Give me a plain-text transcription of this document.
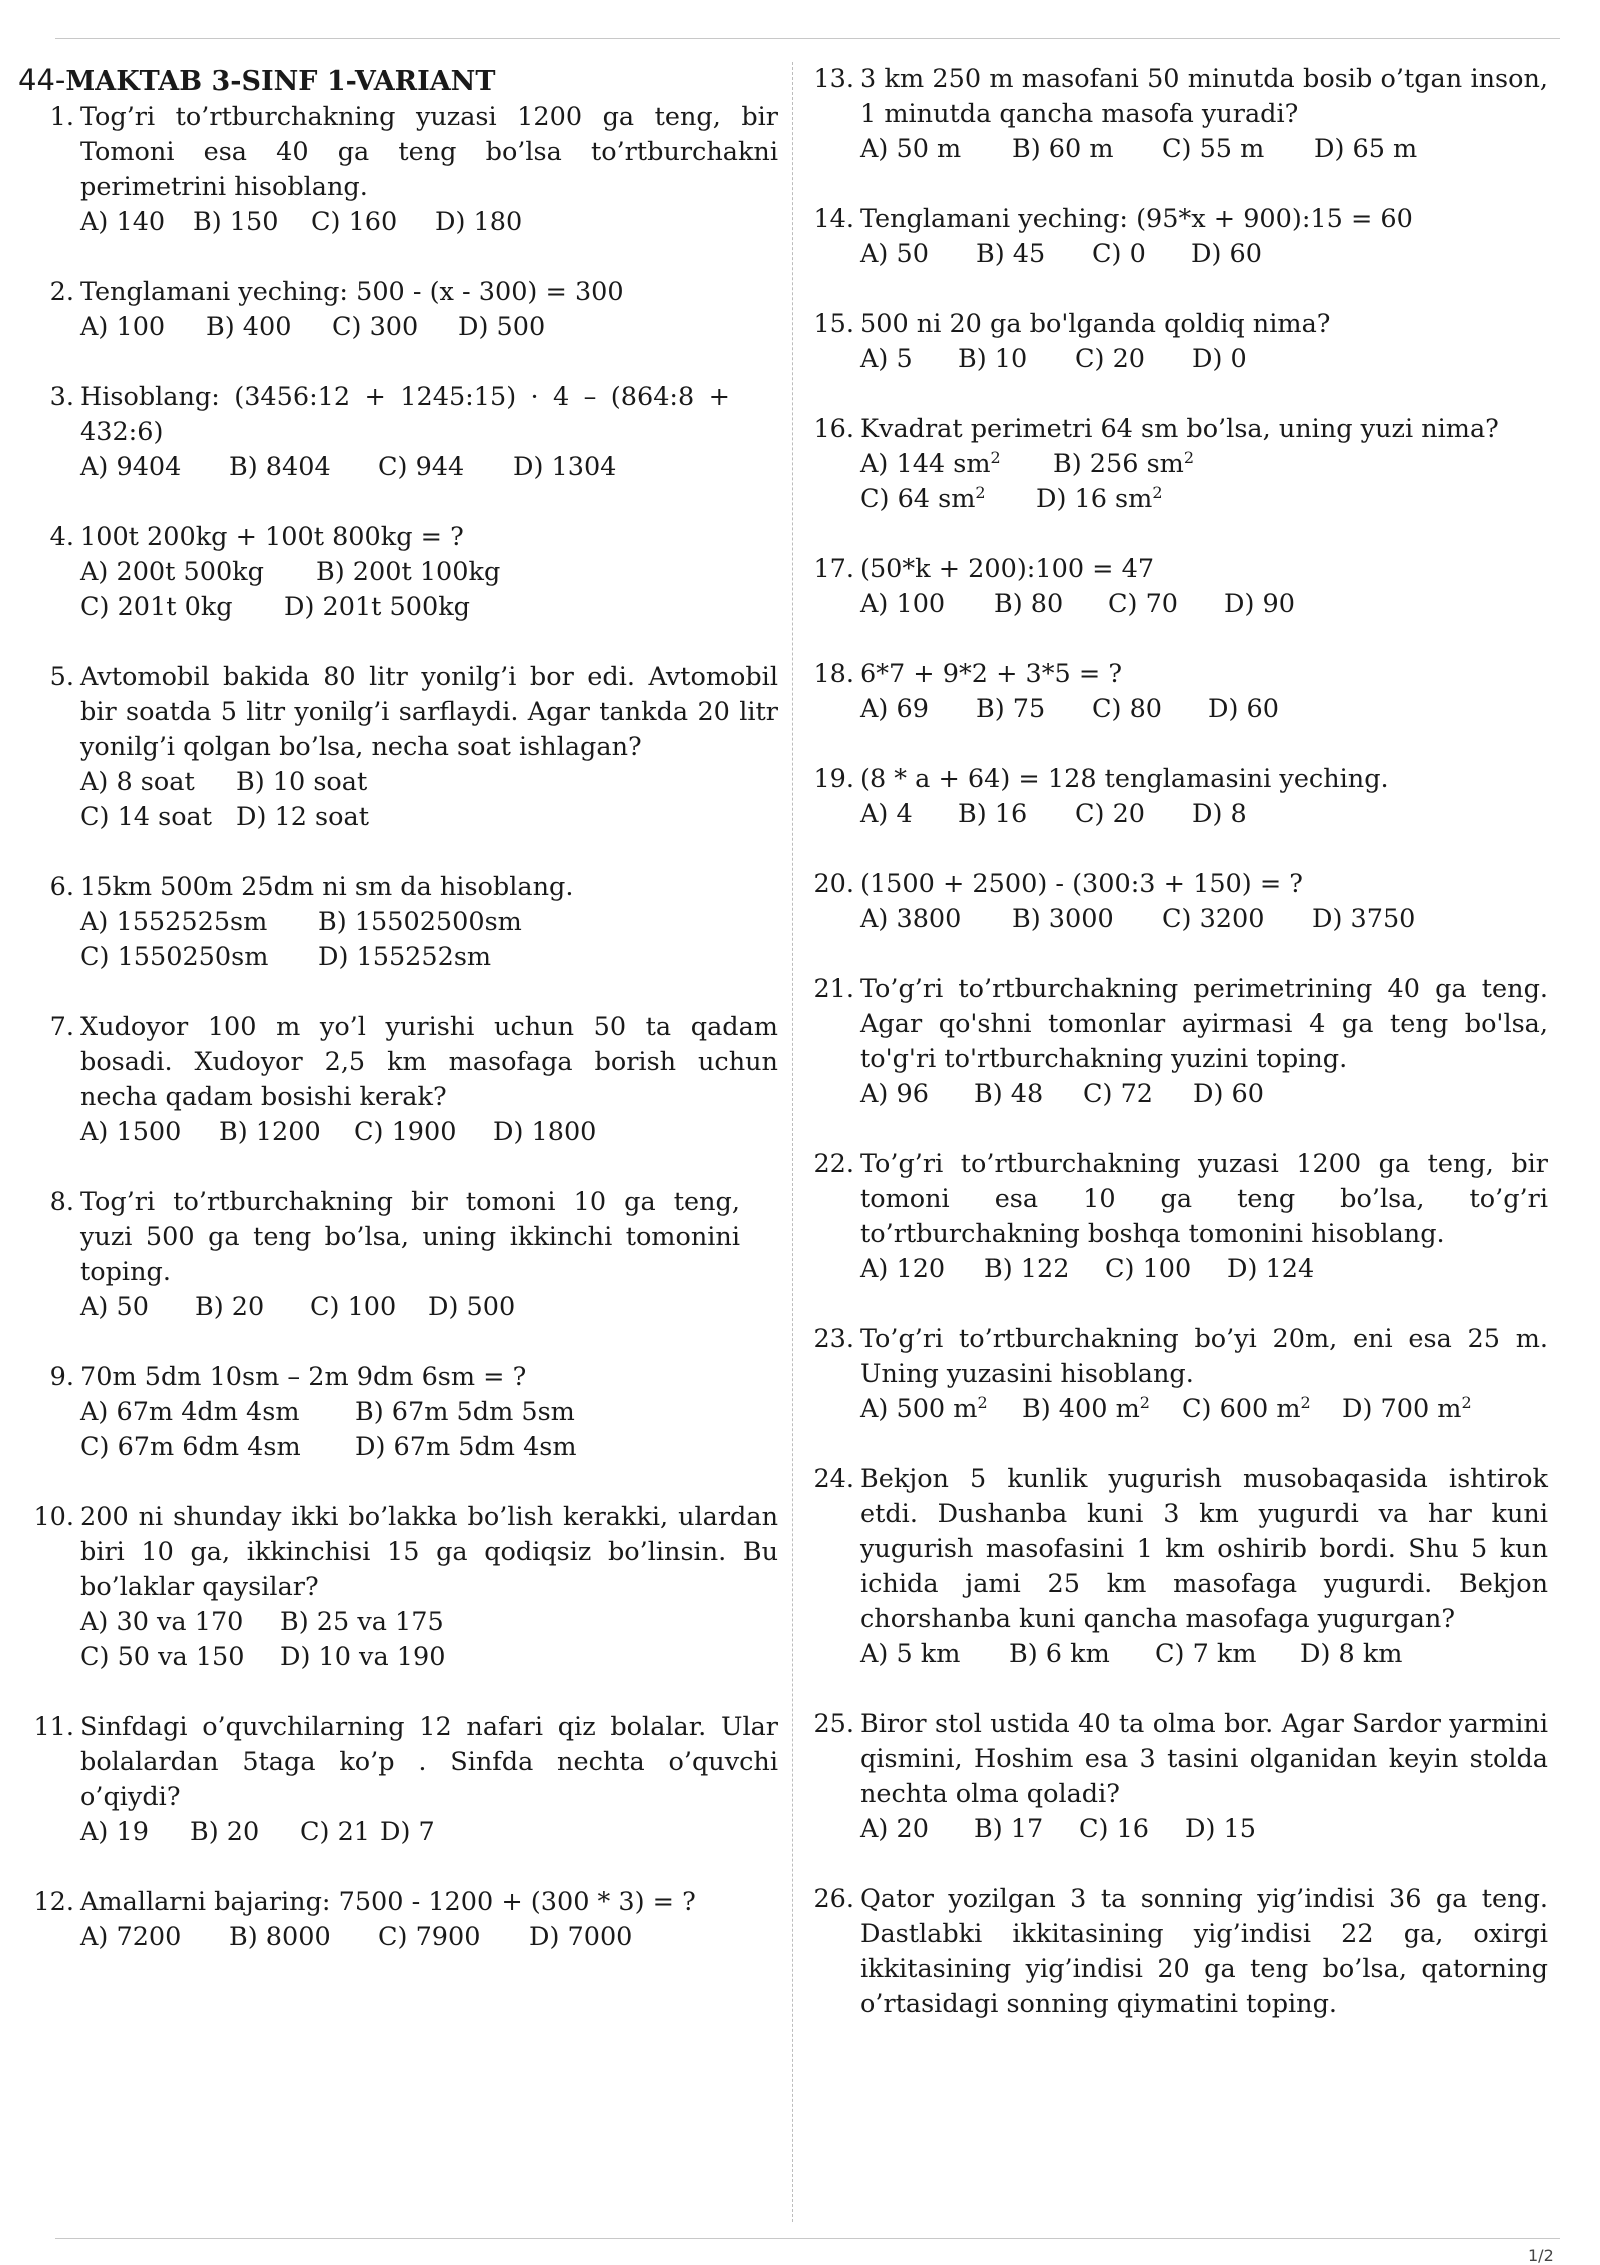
44-MAKTAB 3-SINF 1-VARIANT
1. Tog’ri to’rtburchakning yuzasi 1200 ga teng, bir Tomoni esa 40 ga teng bo’lsa to’rtburchakni perimetrini hisoblang.
A) 140	B) 150	C) 160	D) 180
2. Tenglamani yeching: 500 - (x - 300) = 300
A) 100	B) 400	C) 300	D) 500
3. Hisoblang: (3456:12 + 1245:15) · 4 – (864:8 + 432:6)
A) 9404	B) 8404	C) 944	D) 1304
4. 100t 200kg + 100t 800kg = ?
A) 200t 500kg	B) 200t 100kg
C) 201t 0kg	D) 201t 500kg
5. Avtomobil bakida 80 litr yonilg’i bor edi. Avtomobil bir soatda 5 litr yonilg’i sarflaydi. Agar tankda 20 litr yonilg’i qolgan bo’lsa, necha soat ishlagan?
A) 8 soat	B) 10 soat
C) 14 soat D) 12 soat
6. 15km 500m 25dm ni sm da hisoblang.
A) 1552525sm	B) 15502500sm
C) 1550250sm	D) 155252sm
7. Xudoyor 100 m yo’l yurishi uchun 50 ta qadam bosadi. Xudoyor 2,5 km masofaga borish uchun necha qadam bosishi kerak?
A) 1500	B) 1200	C) 1900	D) 1800
8. Tog’ri to’rtburchakning bir tomoni 10 ga teng, yuzi 500 ga teng bo’lsa, uning ikkinchi tomonini toping.
A) 50	B) 20	C) 100	D) 500
9. 70m 5dm 10sm – 2m 9dm 6sm = ?
A) 67m 4dm 4sm	B) 67m 5dm 5sm
C) 67m 6dm 4sm	D) 67m 5dm 4sm
10. 200 ni shunday ikki bo’lakka bo’lish kerakki, ulardan biri 10 ga, ikkinchisi 15 ga qodiqsiz bo’linsin. Bu bo’laklar qaysilar?
A) 30 va 170	B) 25 va 175
C) 50 va 150	D) 10 va 190
11. Sinfdagi o’quvchilarning 12 nafari qiz bolalar. Ular bolalardan 5taga ko’p . Sinfda nechta o’quvchi o’qiydi?
A) 19	B) 20	C) 21 D) 7
12. Amallarni bajaring: 7500 - 1200 + (300 * 3) = ?
A) 7200	B) 8000	C) 7900	D) 7000
13. 3 km 250 m masofani 50 minutda bosib o’tgan inson, 1 minutda qancha masofa yuradi?
A) 50 m	B) 60 m	C) 55 m	D) 65 m
14. Tenglamani yeching: (95*x + 900):15 = 60
A) 50	B) 45	C) 0	D) 60
15. 500 ni 20 ga bo'lganda qoldiq nima?
A) 5	B) 10	C) 20	D) 0
16. Kvadrat perimetri 64 sm bo’lsa, uning yuzi nima?
A) 144 $sm^2$	B) 256 $sm^2$
C) 64 $sm^2$	D) 16 $sm^2$
17. (50*k + 200):100 = 47
A) 100	B) 80	C) 70	D) 90
18. 6*7 + 9*2 + 3*5 = ?
A) 69	B) 75	C) 80	D) 60
19. (8 * a + 64) = 128 tenglamasini yeching.
A) 4	B) 16	C) 20	D) 8
20. (1500 + 2500) - (300:3 + 150) = ?
A) 3800	B) 3000	C) 3200	D) 3750
21. To’g’ri to’rtburchakning perimetrining 40 ga teng. Agar qo'shni tomonlar ayirmasi 4 ga teng bo'lsa, to'g'ri to'rtburchakning yuzini toping.
A) 96	B) 48	C) 72	D) 60
22. To’g’ri to’rtburchakning yuzasi 1200 ga teng, bir tomoni esa 10 ga teng bo’lsa, to’g’ri to’rtburchakning boshqa tomonini hisoblang.
A) 120	B) 122	C) 100	D) 124
23. To’g’ri to’rtburchakning bo’yi 20m, eni esa 25 m. Uning yuzasini hisoblang.
A) 500 $m^2$	B) 400 $m^2$	C) 600 $m^2$	D) 700 $m^2$
24. Bekjon 5 kunlik yugurish musobaqasida ishtirok etdi. Dushanba kuni 3 km yugurdi va har kuni yugurish masofasini 1 km oshirib bordi. Shu 5 kun ichida jami 25 km masofaga yugurdi. Bekjon chorshanba kuni qancha masofaga yugurgan?
A) 5 km	B) 6 km	C) 7 km	D) 8 km
25. Biror stol ustida 40 ta olma bor. Agar Sardor yarmini qismini, Hoshim esa 3 tasini olganidan keyin stolda nechta olma qoladi?
A) 20	B) 17	C) 16	D) 15
26. Qator yozilgan 3 ta sonning yig’indisi 36 ga teng. Dastlabki ikkitasining yig’indisi 22 ga, oxirgi ikkitasining yig’indisi 20 ga teng bo’lsa, qatorning o’rtasidagi sonning qiymatini toping.
1/2
